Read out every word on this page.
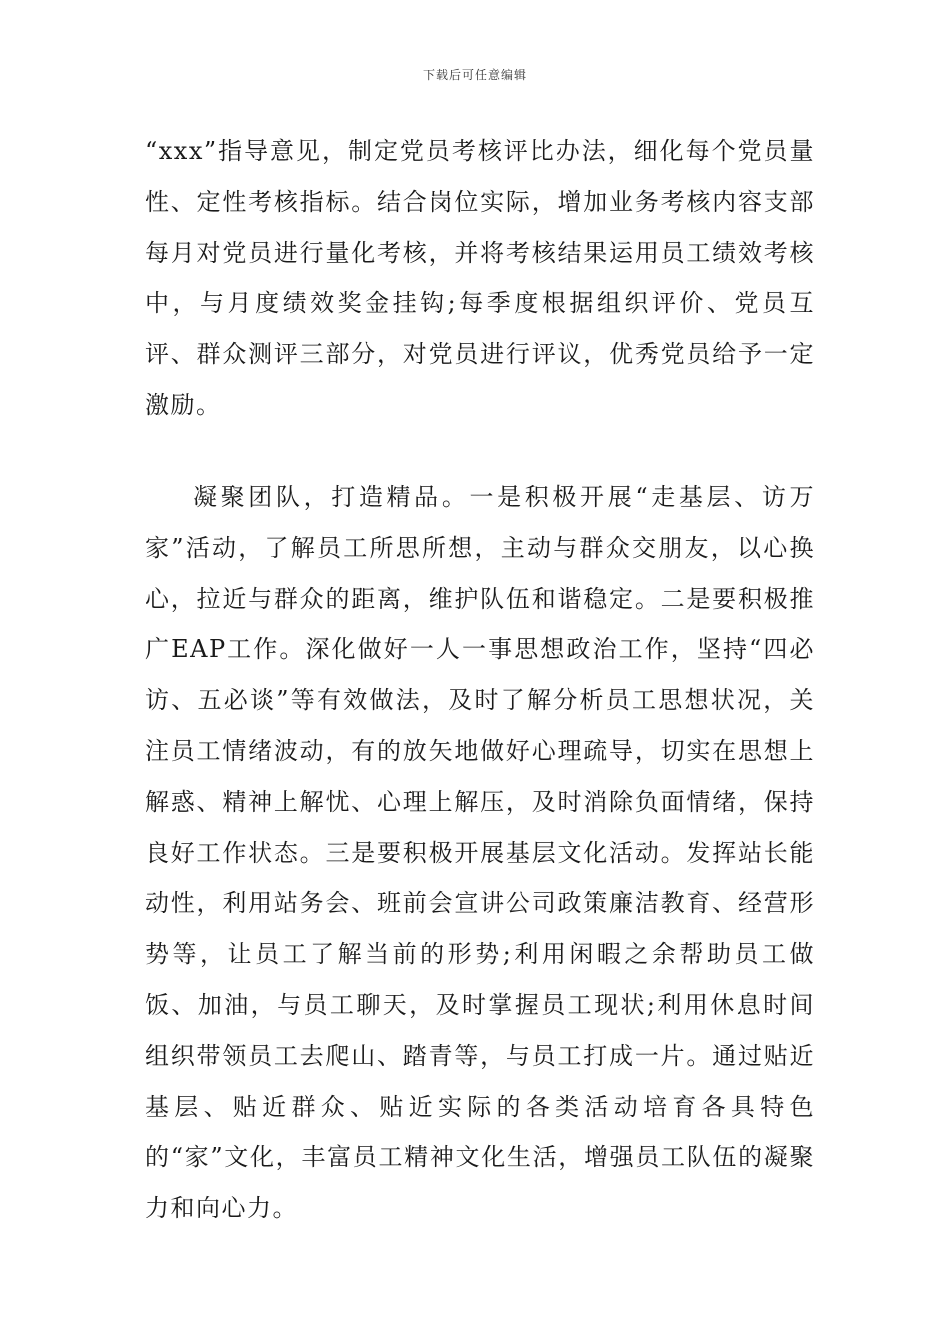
下载后可任意编辑

“xxx”指导意见，制定党员考核评比办法，细化每个党员量性、定性考核指标。结合岗位实际，增加业务考核内容支部每月对党员进行量化考核，并将考核结果运用员工绩效考核中，与月度绩效奖金挂钩;每季度根据组织评价、党员互评、群众测评三部分，对党员进行评议，优秀党员给予一定激励。

凝聚团队，打造精品。一是积极开展“走基层、访万家”活动，了解员工所思所想，主动与群众交朋友，以心换心，拉近与群众的距离，维护队伍和谐稳定。二是要积极推广EAP工作。深化做好一人一事思想政治工作，坚持“四必访、五必谈”等有效做法，及时了解分析员工思想状况，关注员工情绪波动，有的放矢地做好心理疏导，切实在思想上解惑、精神上解忧、心理上解压，及时消除负面情绪，保持良好工作状态。三是要积极开展基层文化活动。发挥站长能动性，利用站务会、班前会宣讲公司政策廉洁教育、经营形势等，让员工了解当前的形势;利用闲暇之余帮助员工做饭、加油，与员工聊天，及时掌握员工现状;利用休息时间组织带领员工去爬山、踏青等，与员工打成一片。通过贴近基层、贴近群众、贴近实际的各类活动培育各具特色的“家”文化，丰富员工精神文化生活，增强员工队伍的凝聚力和向心力。
